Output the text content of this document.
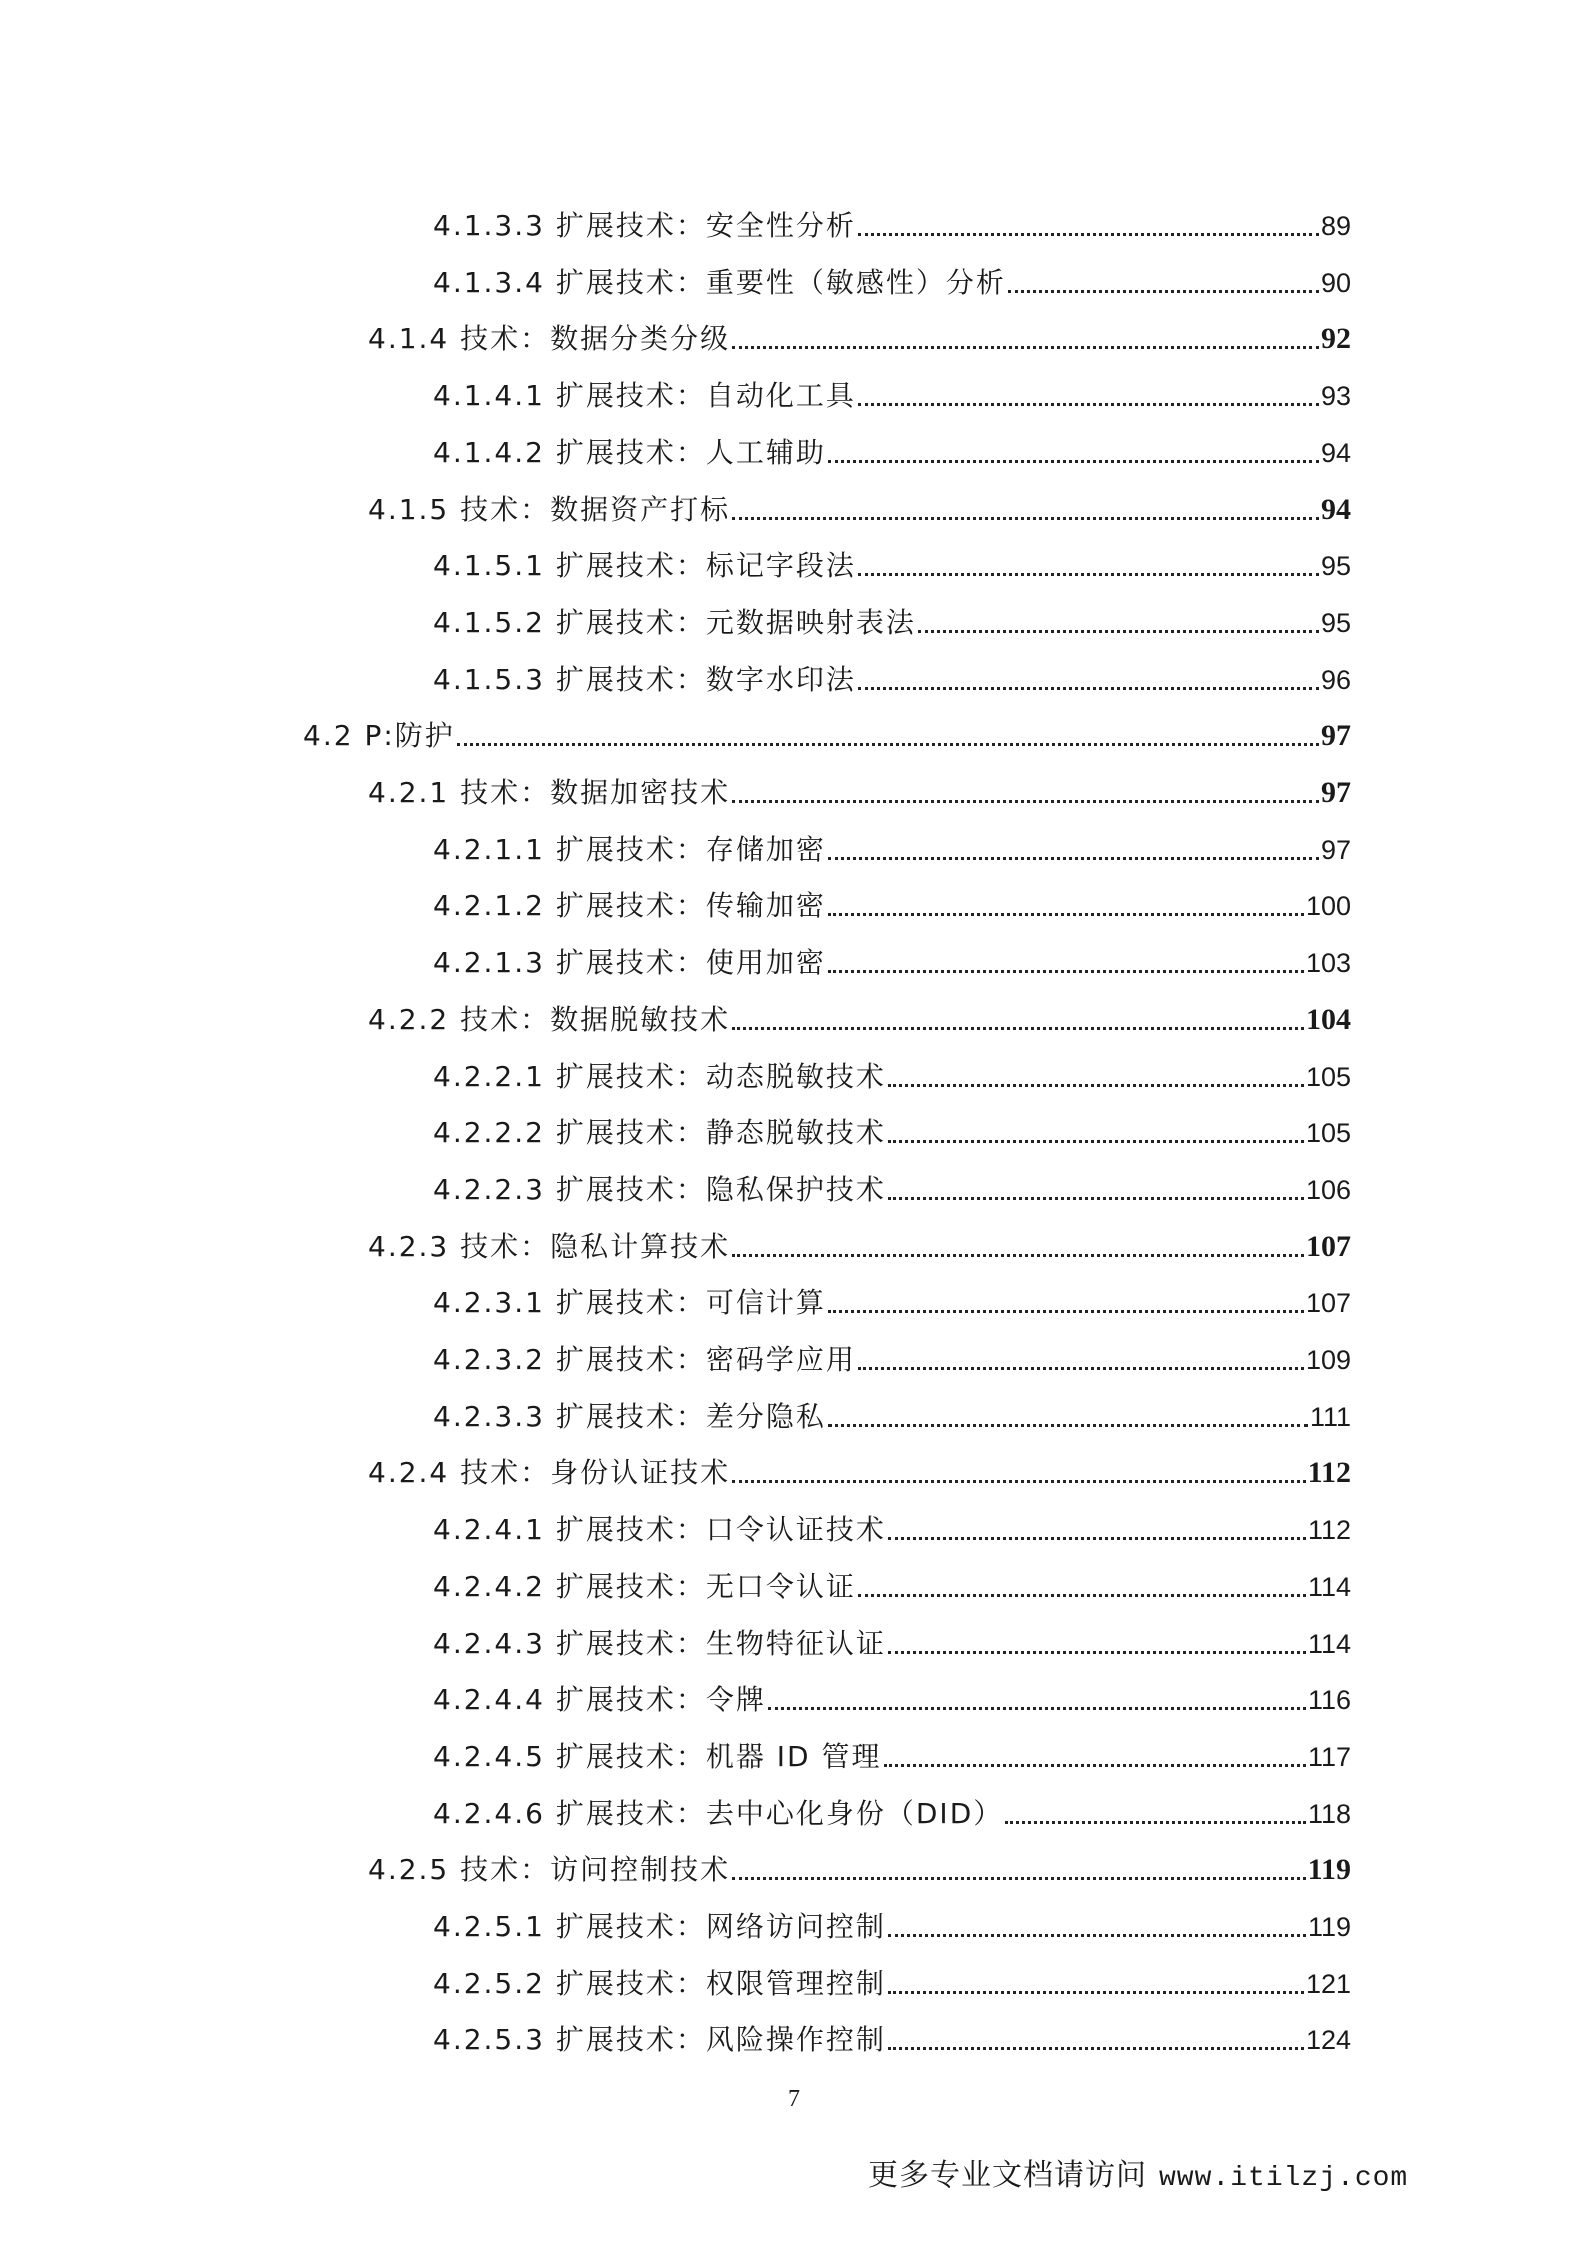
4.1.3.3 扩展技术：安全性分析	89
4.1.3.4 扩展技术：重要性（敏感性）分析	90
4.1.4 技术：数据分类分级	92
4.1.4.1 扩展技术：自动化工具	93
4.1.4.2 扩展技术：人工辅助	94
4.1.5 技术：数据资产打标	94
4.1.5.1 扩展技术：标记字段法	95
4.1.5.2 扩展技术：元数据映射表法	95
4.1.5.3 扩展技术：数字水印法	96
4.2 P:防护	97
4.2.1 技术：数据加密技术	97
4.2.1.1 扩展技术：存储加密	97
4.2.1.2 扩展技术：传输加密	100
4.2.1.3 扩展技术：使用加密	103
4.2.2 技术：数据脱敏技术	104
4.2.2.1 扩展技术：动态脱敏技术	105
4.2.2.2 扩展技术：静态脱敏技术	105
4.2.2.3 扩展技术：隐私保护技术	106
4.2.3 技术：隐私计算技术	107
4.2.3.1 扩展技术：可信计算	107
4.2.3.2 扩展技术：密码学应用	109
4.2.3.3 扩展技术：差分隐私	111
4.2.4 技术：身份认证技术	112
4.2.4.1 扩展技术：口令认证技术	112
4.2.4.2 扩展技术：无口令认证	114
4.2.4.3 扩展技术：生物特征认证	114
4.2.4.4 扩展技术：令牌	116
4.2.4.5 扩展技术：机器 ID 管理	117
4.2.4.6 扩展技术：去中心化身份（DID）	118
4.2.5 技术：访问控制技术	119
4.2.5.1 扩展技术：网络访问控制	119
4.2.5.2 扩展技术：权限管理控制	121
4.2.5.3 扩展技术：风险操作控制	124
7
更多专业文档请访问 www.itilzj.com
